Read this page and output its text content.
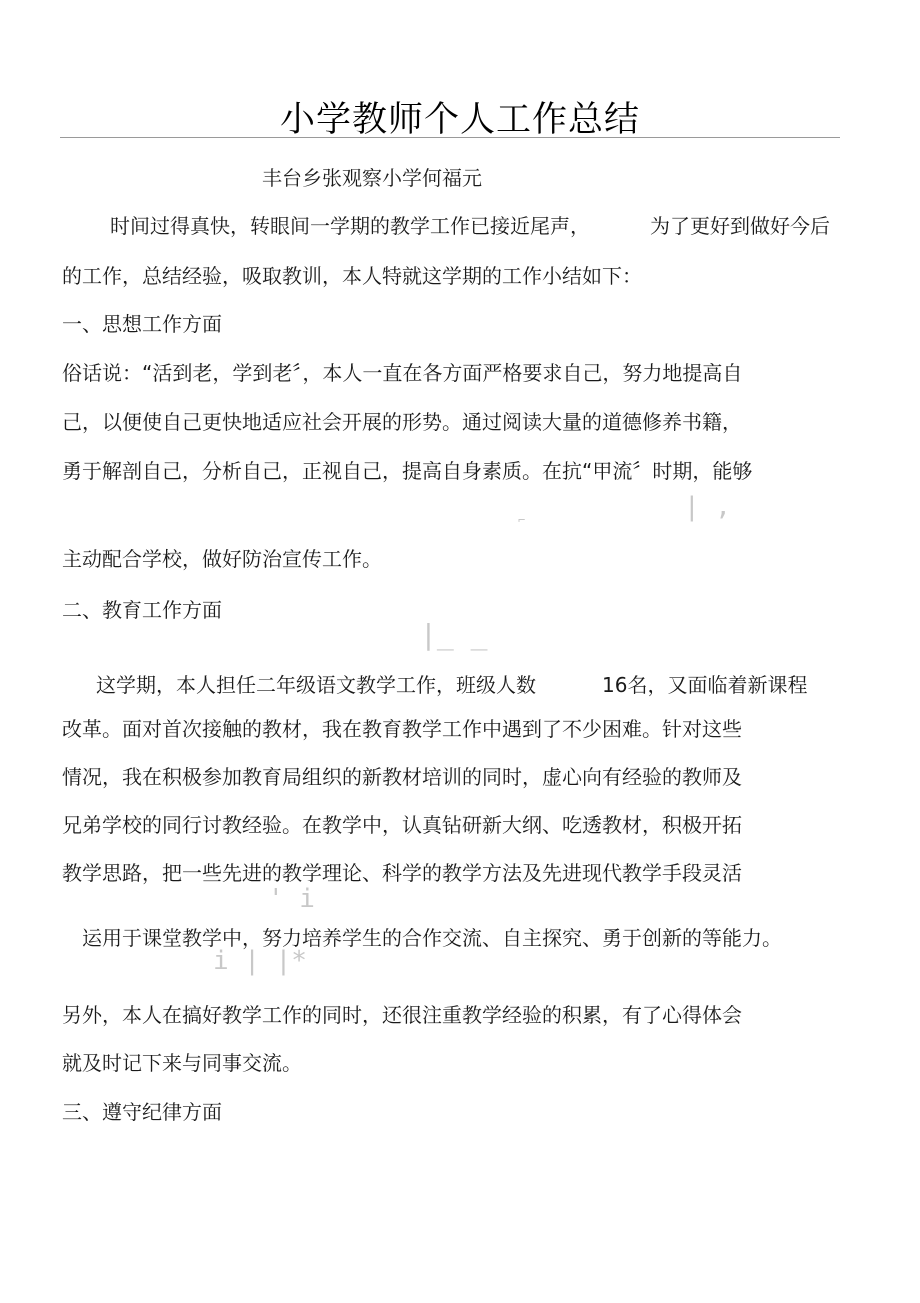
小学教师个人工作总结
丰台乡张观察小学何福元
时间过得真快，转眼间一学期的教学工作已接近尾声，	为了更好到做好今后
的工作，总结经验，吸取教训，本人特就这学期的工作小结如下：
一、思想工作方面
俗话说：“活到老，学到老〞，本人一直在各方面严格要求自己，努力地提高自
己，以便使自己更快地适应社会开展的形势。通过阅读大量的道德修养书籍，
勇于解剖自己，分析自己，正视自己，提高自身素质。在抗“甲流〞时期，能够
⌐	| ,
主动配合学校，做好防治宣传工作。
二、教育工作方面
|_ _
这学期，本人担任二年级语文教学工作，班级人数	16名，又面临着新课程
改革。面对首次接触的教材，我在教育教学工作中遇到了不少困难。针对这些
情况，我在积极参加教育局组织的新教材培训的同时，虚心向有经验的教师及
兄弟学校的同行讨教经验。在教学中，认真钻研新大纲、吃透教材，积极开拓
教学思路，把一些先进的教学理论、科学的教学方法及先进现代教学手段灵活
' i
运用于课堂教学中，努力培养学生的合作交流、自主探究、勇于创新的等能力。
i | |*
另外，本人在搞好教学工作的同时，还很注重教学经验的积累，有了心得体会
就及时记下来与同事交流。
三、遵守纪律方面
